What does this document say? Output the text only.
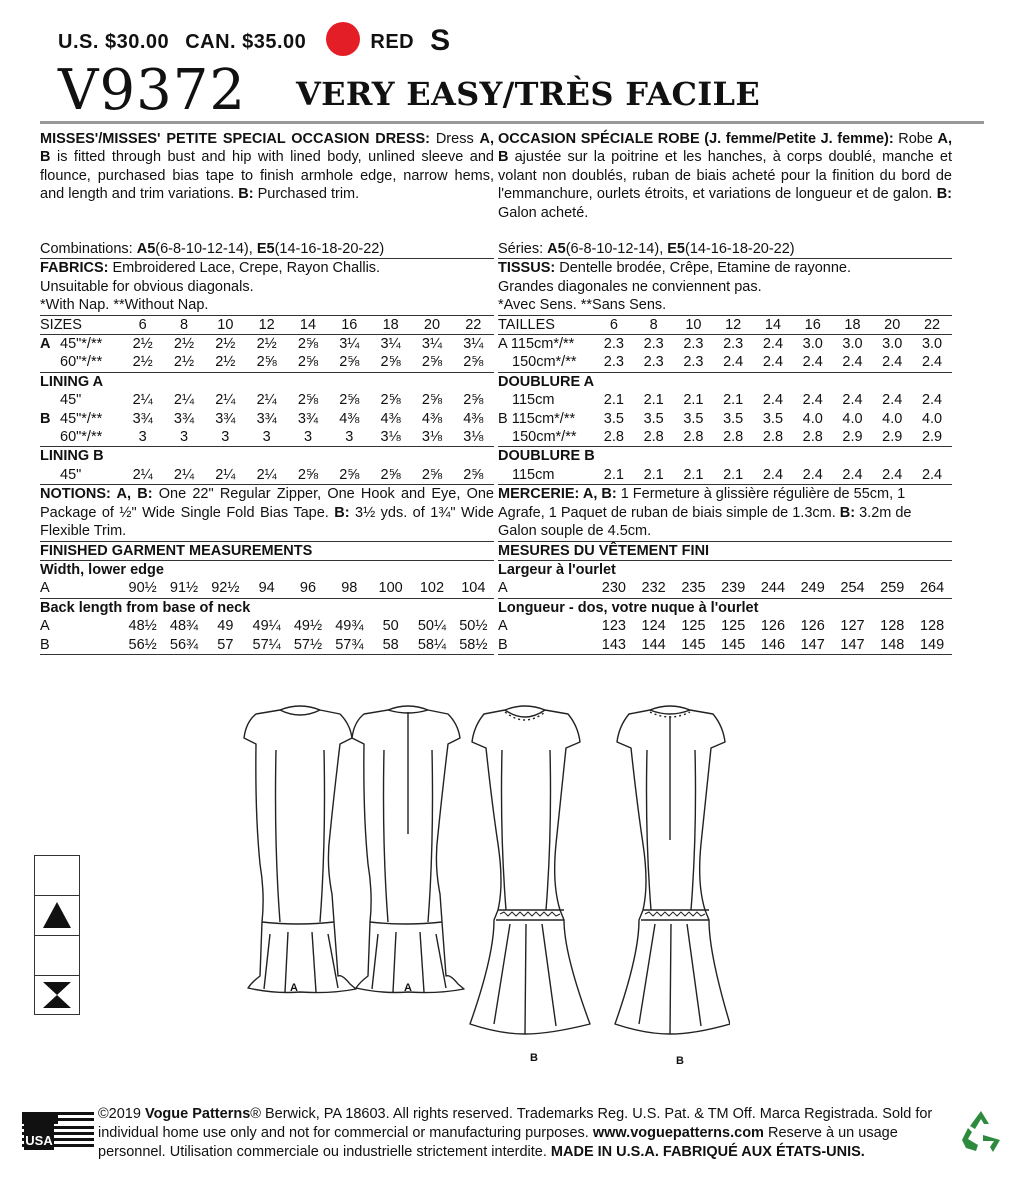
U.S. $30.00 CAN. $35.00	RED S
V9372 VERY EASY/TRÈS FACILE

MISSES'/MISSES' PETITE SPECIAL OCCASION DRESS: Dress A, B is fitted through bust and hip with lined body, unlined sleeve and flounce, purchased bias tape to finish armhole edge, narrow hems, and length and trim variations. B: Purchased trim.

Combinations: A5(6-8-10-12-14), E5(14-16-18-20-22)

FABRICS: Embroidered Lace, Crepe, Rayon Challis.

Unsuitable for obvious diagonals.

*With Nap. **Without Nap.

SIZES		6	8	10	12	14	16	18	20	22

A	45"*/**	2½	2½	2½	2½	2⅝	3¼	3¼	3¼	3¼
	60"*/**	2½	2½	2½	2⅝	2⅝	2⅝	2⅝	2⅝	2⅝

LINING A										
	45"	2¼	2¼	2¼	2¼	2⅝	2⅝	2⅝	2⅝	2⅝
B	45"*/**	3¾	3¾	3¾	3¾	3¾	4⅜	4⅜	4⅜	4⅜
	60"*/**	3	3	3	3	3	3	3⅛	3⅛	3⅛

LINING B										
	45"	2¼	2¼	2¼	2¼	2⅝	2⅝	2⅝	2⅝	2⅝

NOTIONS: A, B: One 22" Regular Zipper, One Hook and Eye, One Package of ½" Wide Single Fold Bias Tape. B: 3½ yds. of 1¾" Wide Flexible Trim.

FINISHED GARMENT MEASUREMENTS

Width, lower edge									
A	90½	91½	92½	94	96	98	100	102	104

Back length from base of neck									
A	48½	48¾	49	49¼	49½	49¾	50	50¼	50½
B	56½	56¾	57	57¼	57½	57¾	58	58¼	58½

OCCASION SPÉCIALE ROBE (J. femme/Petite J. femme): Robe A, B ajustée sur la poitrine et les hanches, à corps doublé, manche et volant non doublés, ruban de biais acheté pour la finition du bord de l'emmanchure, ourlets étroits, et variations de longueur et de galon. B: Galon acheté.

Séries: A5(6-8-10-12-14), E5(14-16-18-20-22)

TISSUS: Dentelle brodée, Crêpe, Etamine de rayonne.

Grandes diagonales ne conviennent pas.

*Avec Sens. **Sans Sens.

TAILLES	6	8	10	12	14	16	18	20	22

A 115cm*/**	2.3	2.3	2.3	2.3	2.4	3.0	3.0	3.0	3.0
150cm*/**	2.3	2.3	2.3	2.4	2.4	2.4	2.4	2.4	2.4

DOUBLURE A									
115cm	2.1	2.1	2.1	2.1	2.4	2.4	2.4	2.4	2.4
B 115cm*/**	3.5	3.5	3.5	3.5	3.5	4.0	4.0	4.0	4.0
150cm*/**	2.8	2.8	2.8	2.8	2.8	2.8	2.9	2.9	2.9

DOUBLURE B									
115cm	2.1	2.1	2.1	2.1	2.4	2.4	2.4	2.4	2.4

MERCERIE: A, B: 1 Fermeture à glissière régulière de 55cm, 1 Agrafe, 1 Paquet de ruban de biais simple de 1.3cm. B: 3.2m de Galon souple de 4.5cm.

MESURES DU VÊTEMENT FINI

Largeur à l'ourlet									
A	230	232	235	239	244	249	254	259	264

Longueur - dos, votre nuque à l'ourlet									
A	123	124	125	125	126	126	127	128	128
B	143	144	145	145	146	147	147	148	149
A	A
B	B
USA
©2019 Vogue Patterns® Berwick, PA 18603. All rights reserved. Trademarks Reg. U.S. Pat. & TM Off. Marca Registrada. Sold for individual home use only and not for commercial or manufacturing purposes. www.voguepatterns.com Reserve à un usage personnel. Utilisation commerciale ou industrielle strictement interdite. MADE IN U.S.A. FABRIQUÉ AUX ÉTATS-UNIS.
